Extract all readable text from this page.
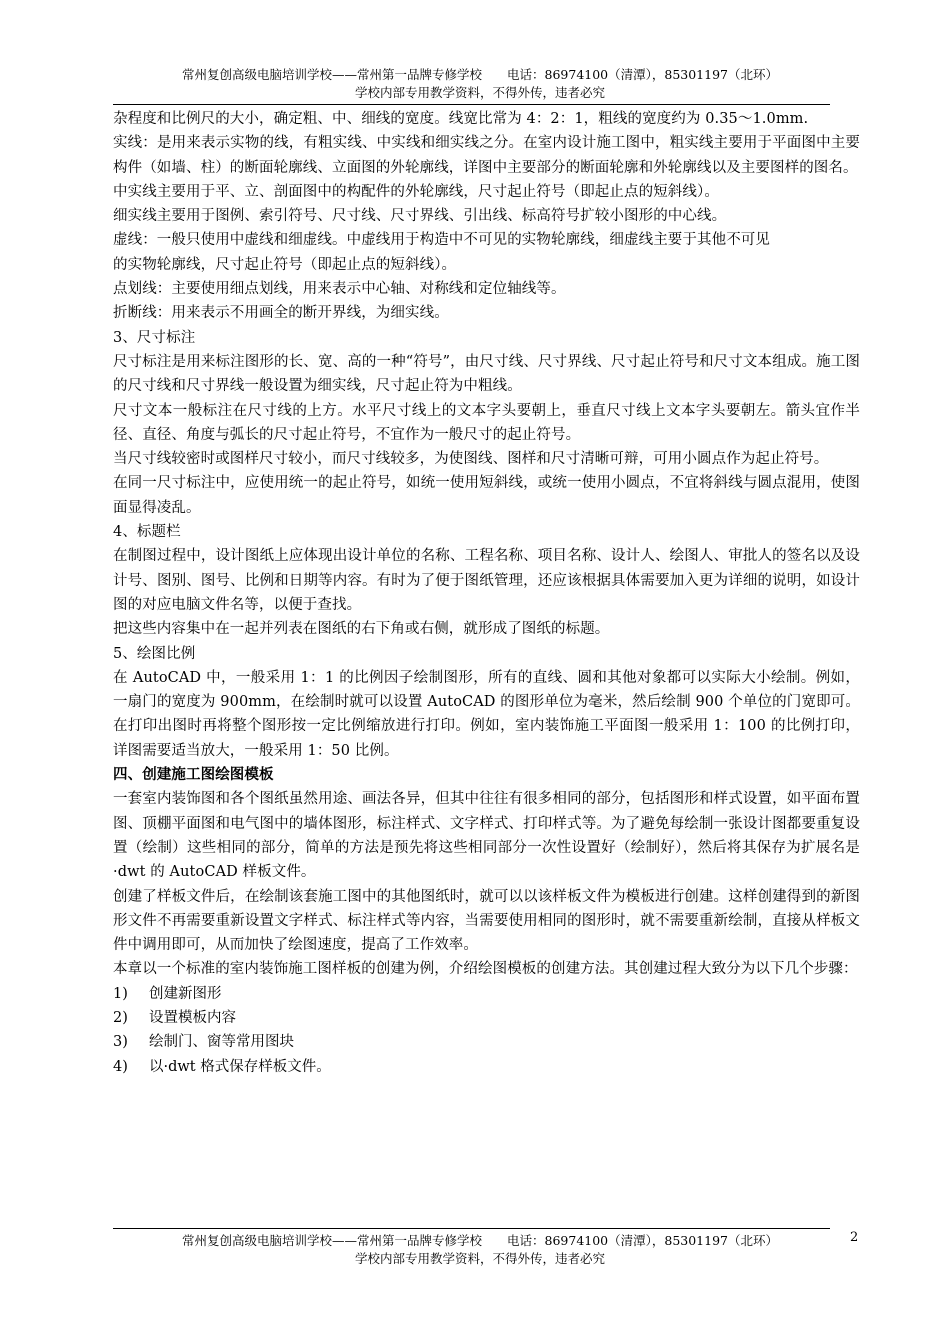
常州复创高级电脑培训学校——常州第一品牌专修学校　　电话：86974100（清潭），85301197（北环）
学校内部专用教学资料，不得外传，违者必究

杂程度和比例尺的大小，确定粗、中、细线的宽度。线宽比常为 4：2：1，粗线的宽度约为 0.35～1.0mm.

实线：是用来表示实物的线，有粗实线、中实线和细实线之分。在室内设计施工图中，粗实线主要用于平面图中主要构件（如墙、柱）的断面轮廓线、立面图的外轮廓线，详图中主要部分的断面轮廓和外轮廓线以及主要图样的图名。

中实线主要用于平、立、剖面图中的构配件的外轮廓线，尺寸起止符号（即起止点的短斜线）。

细实线主要用于图例、索引符号、尺寸线、尺寸界线、引出线、标高符号扩较小图形的中心线。

虚线：一般只使用中虚线和细虚线。中虚线用于构造中不可见的实物轮廓线，细虚线主要于其他不可见

的实物轮廓线，尺寸起止符号（即起止点的短斜线）。

点划线：主要使用细点划线，用来表示中心轴、对称线和定位轴线等。

折断线：用来表示不用画全的断开界线，为细实线。

3、尺寸标注

尺寸标注是用来标注图形的长、宽、高的一种“符号”，由尺寸线、尺寸界线、尺寸起止符号和尺寸文本组成。施工图的尺寸线和尺寸界线一般设置为细实线，尺寸起止符为中粗线。

尺寸文本一般标注在尺寸线的上方。水平尺寸线上的文本字头要朝上，垂直尺寸线上文本字头要朝左。箭头宜作半径、直径、角度与弧长的尺寸起止符号，不宜作为一般尺寸的起止符号。

当尺寸线较密时或图样尺寸较小，而尺寸线较多，为使图线、图样和尺寸清晰可辩，可用小圆点作为起止符号。

在同一尺寸标注中，应使用统一的起止符号，如统一使用短斜线，或统一使用小圆点，不宜将斜线与圆点混用，使图面显得凌乱。

4、标题栏

在制图过程中，设计图纸上应体现出设计单位的名称、工程名称、项目名称、设计人、绘图人、审批人的签名以及设计号、图别、图号、比例和日期等内容。有时为了便于图纸管理，还应该根据具体需要加入更为详细的说明，如设计图的对应电脑文件名等，以便于查找。

把这些内容集中在一起并列表在图纸的右下角或右侧，就形成了图纸的标题。

5、绘图比例

在 AutoCAD 中，一般采用 1：1 的比例因子绘制图形，所有的直线、圆和其他对象都可以实际大小绘制。例如，一扇门的宽度为 900mm，在绘制时就可以设置 AutoCAD 的图形单位为毫米，然后绘制 900 个单位的门宽即可。在打印出图时再将整个图形按一定比例缩放进行打印。例如，室内装饰施工平面图一般采用 1：100 的比例打印，详图需要适当放大，一般采用 1：50 比例。

四、创建施工图绘图模板

一套室内装饰图和各个图纸虽然用途、画法各异，但其中往往有很多相同的部分，包括图形和样式设置，如平面布置图、顶棚平面图和电气图中的墙体图形，标注样式、文字样式、打印样式等。为了避免每绘制一张设计图都要重复设置（绘制）这些相同的部分，简单的方法是预先将这些相同部分一次性设置好（绘制好），然后将其保存为扩展名是·dwt 的 AutoCAD 样板文件。

创建了样板文件后，在绘制该套施工图中的其他图纸时，就可以以该样板文件为模板进行创建。这样创建得到的新图形文件不再需要重新设置文字样式、标注样式等内容，当需要使用相同的图形时，就不需要重新绘制，直接从样板文件中调用即可，从而加快了绘图速度，提高了工作效率。

本章以一个标准的室内装饰施工图样板的创建为例，介绍绘图模板的创建方法。其创建过程大致分为以下几个步骤：

1)	创建新图形
2)	设置模板内容
3)	绘制门、窗等常用图块
4)	以·dwt 格式保存样板文件。
常州复创高级电脑培训学校——常州第一品牌专修学校　　电话：86974100（清潭），85301197（北环）
学校内部专用教学资料，不得外传，违者必究
2
